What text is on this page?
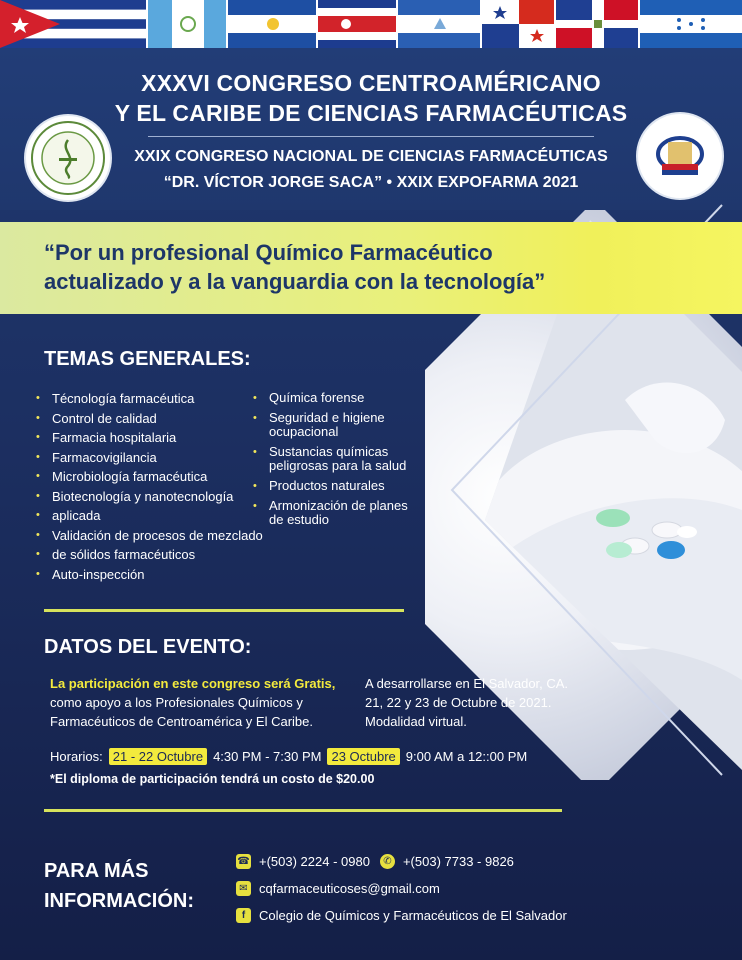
XXXVI CONGRESO CENTROAMÉRICANO
Y EL CARIBE DE CIENCIAS FARMACÉUTICAS
XXIX CONGRESO NACIONAL DE CIENCIAS FARMACÉUTICAS
“DR. VÍCTOR JORGE SACA” • XXIX EXPOFARMA 2021
“Por un profesional Químico Farmacéutico
actualizado y a la vanguardia con la tecnología”
TEMAS GENERALES:
• Técnología farmacéutica
• Control de calidad
• Farmacia hospitalaria
• Farmacovigilancia
• Microbiología farmacéutica
• Biotecnología y nanotecnología
• aplicada
• Validación de procesos de mezclado
• de sólidos farmacéuticos
• Auto-inspección
• Química forense
• Seguridad e higiene ocupacional
• Sustancias químicas peligrosas para la salud
• Productos naturales
• Armonización de planes de estudio
DATOS DEL EVENTO:
La participación en este congreso será Gratis, como apoyo a los Profesionales Químicos y Farmacéuticos de Centroamérica y El Caribe.
A desarrollarse en El Salvador, CA.
21, 22 y 23 de Octubre de 2021.
Modalidad virtual.
Horarios: 21 - 22 Octubre 4:30 PM - 7:30 PM 23 Octubre 9:00 AM a 12::00 PM
*El diploma de participación tendrá un costo de $20.00
PARA MÁS
INFORMACIÓN:
☎ +(503) 2224 - 0980	✆ +(503) 7733 - 9826
✉ cqfarmaceuticoses@gmail.com
f	Colegio de Químicos y Farmacéuticos de El Salvador
